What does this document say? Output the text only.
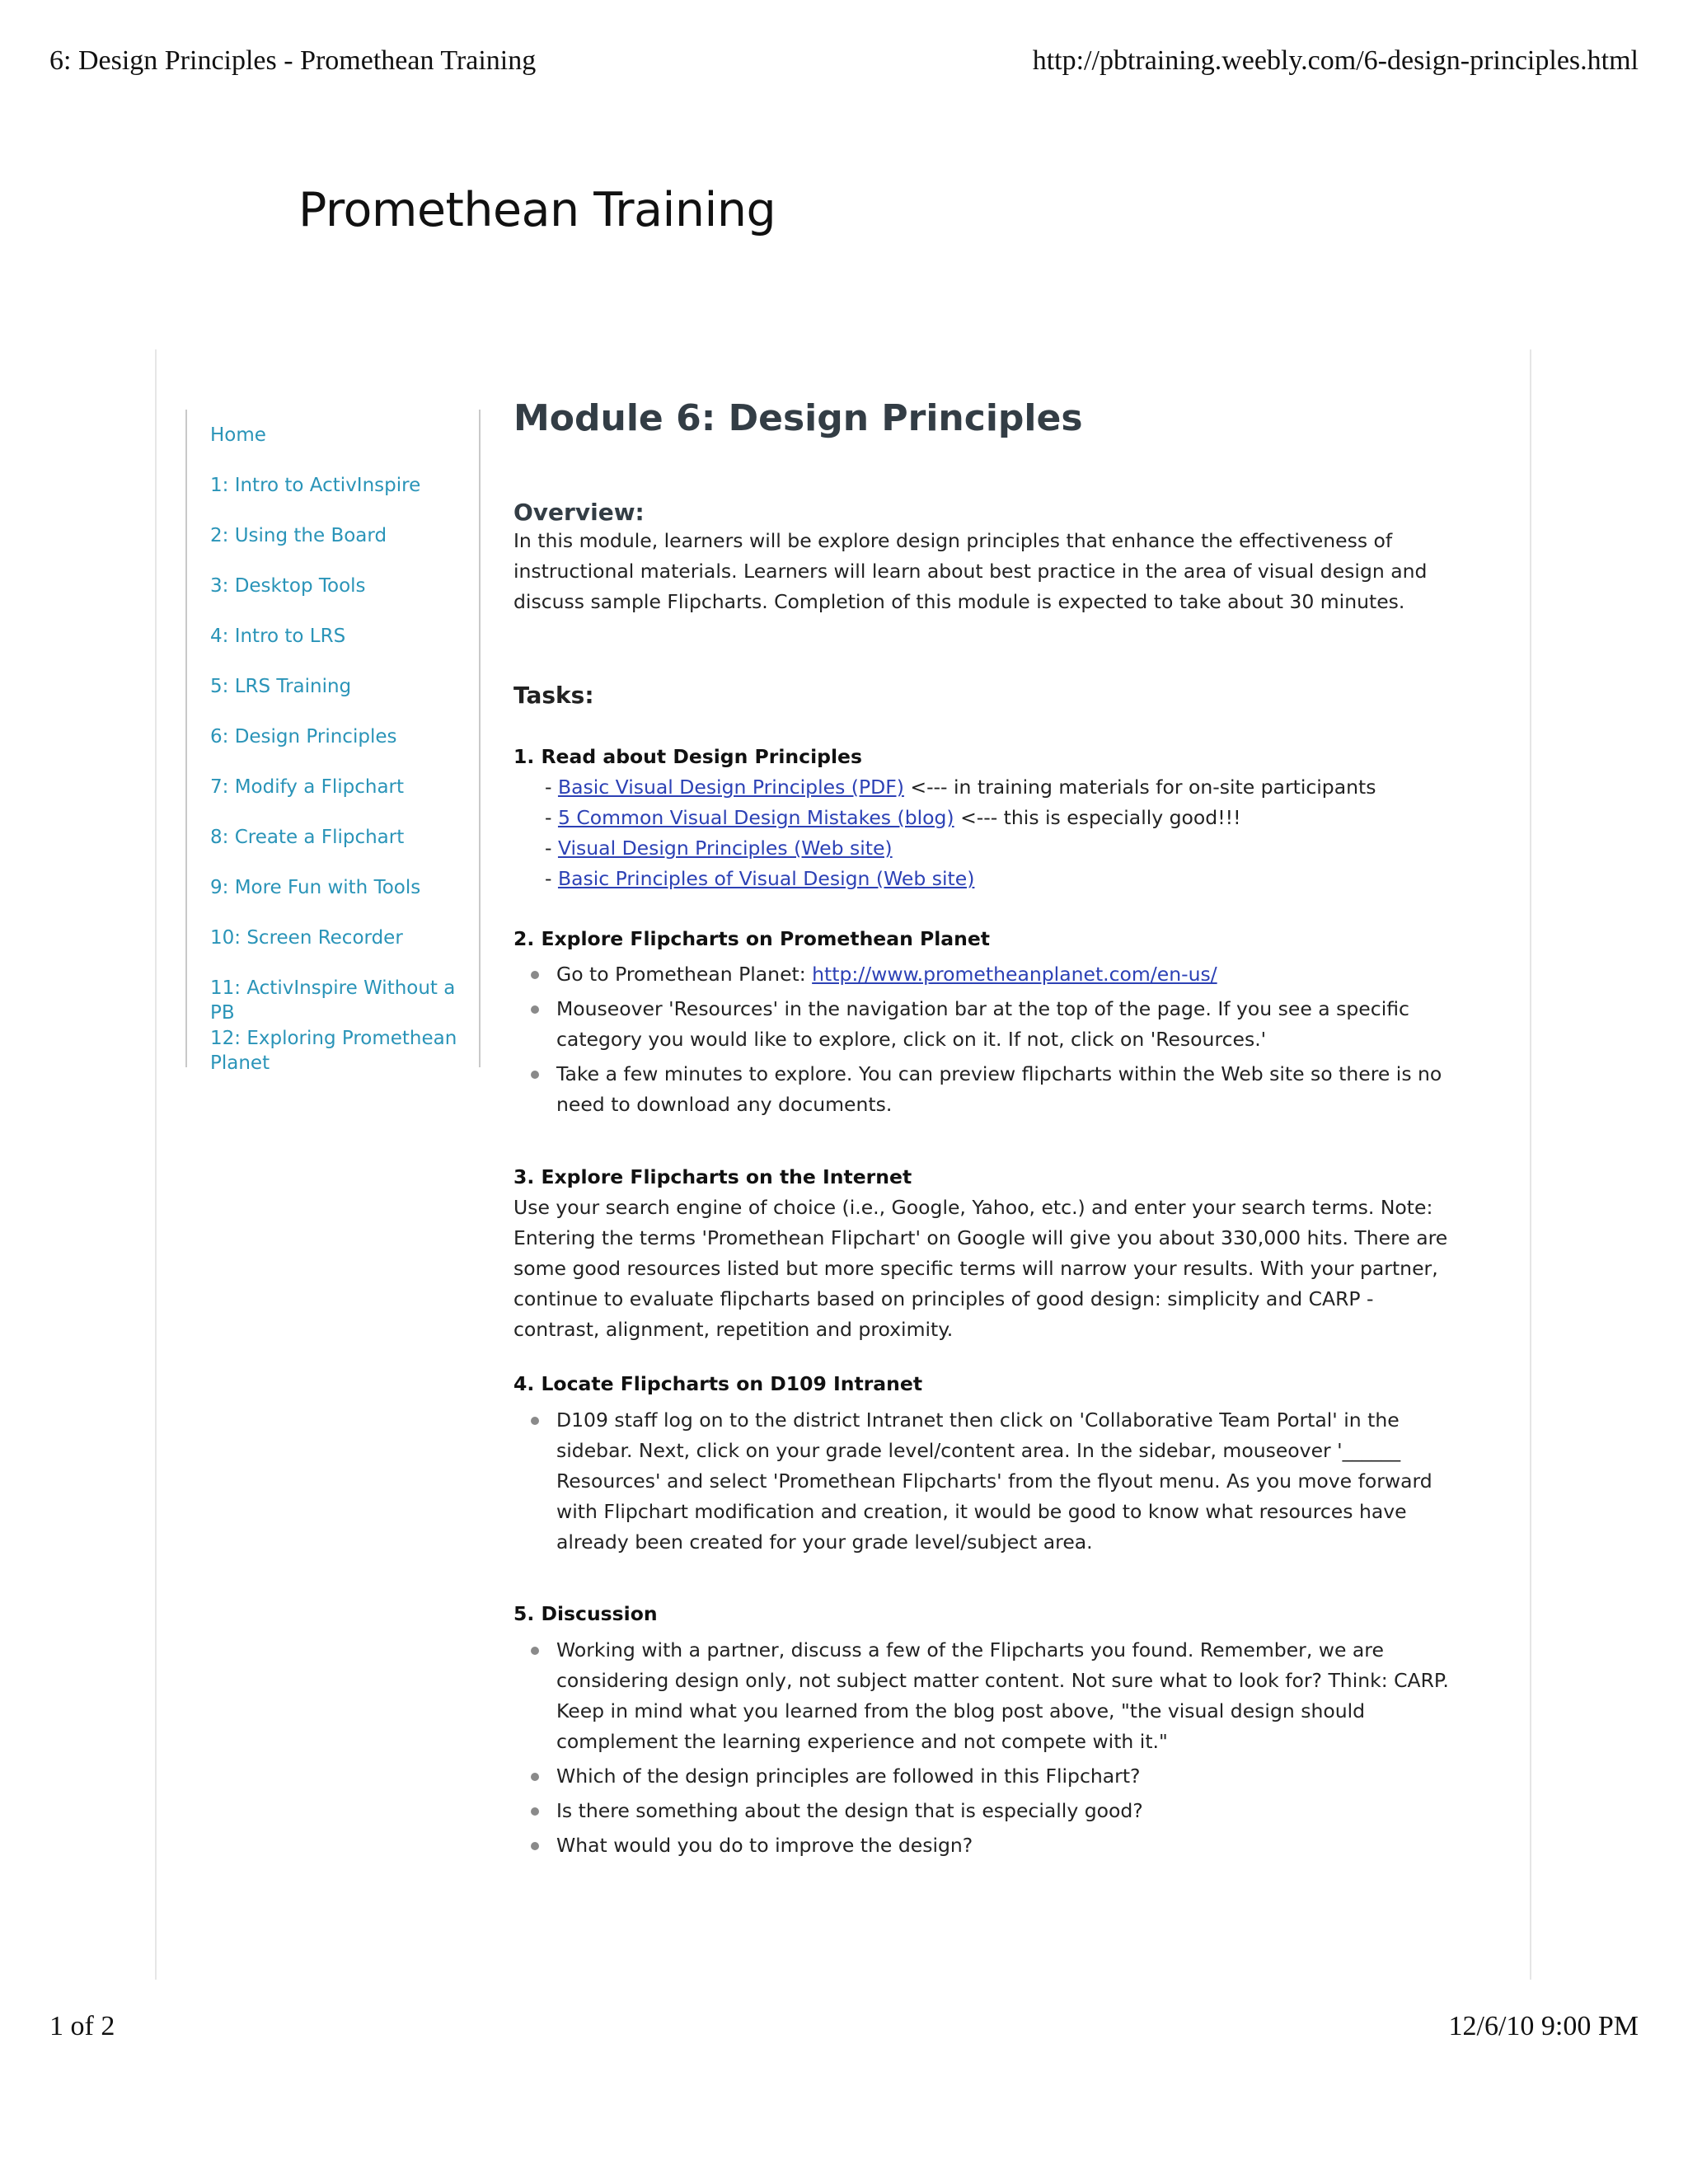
6: Design Principles - Promethean Training	http://pbtraining.weebly.com/6-design-principles.html
Promethean Training
Home
1: Intro to ActivInspire
2: Using the Board
3: Desktop Tools
4: Intro to LRS
5: LRS Training
6: Design Principles
7: Modify a Flipchart
8: Create a Flipchart
9: More Fun with Tools
10: Screen Recorder
11: ActivInspire Without a PB
12: Exploring Promethean
Planet
Module 6: Design Principles
Overview:

In this module, learners will be explore design principles that enhance the effectiveness of instructional materials. Learners will learn about best practice in the area of visual design and discuss sample Flipcharts. Completion of this module is expected to take about 30 minutes.

Tasks:
1. Read about Design Principles
- Basic Visual Design Principles (PDF) <--- in training materials for on-site participants
- 5 Common Visual Design Mistakes (blog) <--- this is especially good!!!
- Visual Design Principles (Web site)
- Basic Principles of Visual Design (Web site)
2. Explore Flipcharts on Promethean Planet
Go to Promethean Planet: http://www.prometheanplanet.com/en-us/
Mouseover 'Resources' in the navigation bar at the top of the page. If you see a specific category you would like to explore, click on it. If not, click on 'Resources.'
Take a few minutes to explore. You can preview flipcharts within the Web site so there is no need to download any documents.
3. Explore Flipcharts on the Internet

Use your search engine of choice (i.e., Google, Yahoo, etc.) and enter your search terms. Note: Entering the terms 'Promethean Flipchart' on Google will give you about 330,000 hits. There are some good resources listed but more specific terms will narrow your results. With your partner, continue to evaluate flipcharts based on principles of good design: simplicity and CARP - contrast, alignment, repetition and proximity.

4. Locate Flipcharts on D109 Intranet
D109 staff log on to the district Intranet then click on 'Collaborative Team Portal' in the sidebar. Next, click on your grade level/content area. In the sidebar, mouseover '______ Resources' and select 'Promethean Flipcharts' from the flyout menu. As you move forward with Flipchart modification and creation, it would be good to know what resources have already been created for your grade level/subject area.
5. Discussion
Working with a partner, discuss a few of the Flipcharts you found. Remember, we are considering design only, not subject matter content. Not sure what to look for? Think: CARP. Keep in mind what you learned from the blog post above, "the visual design should complement the learning experience and not compete with it."
Which of the design principles are followed in this Flipchart?
Is there something about the design that is especially good?
What would you do to improve the design?
1 of 2	12/6/10 9:00 PM
